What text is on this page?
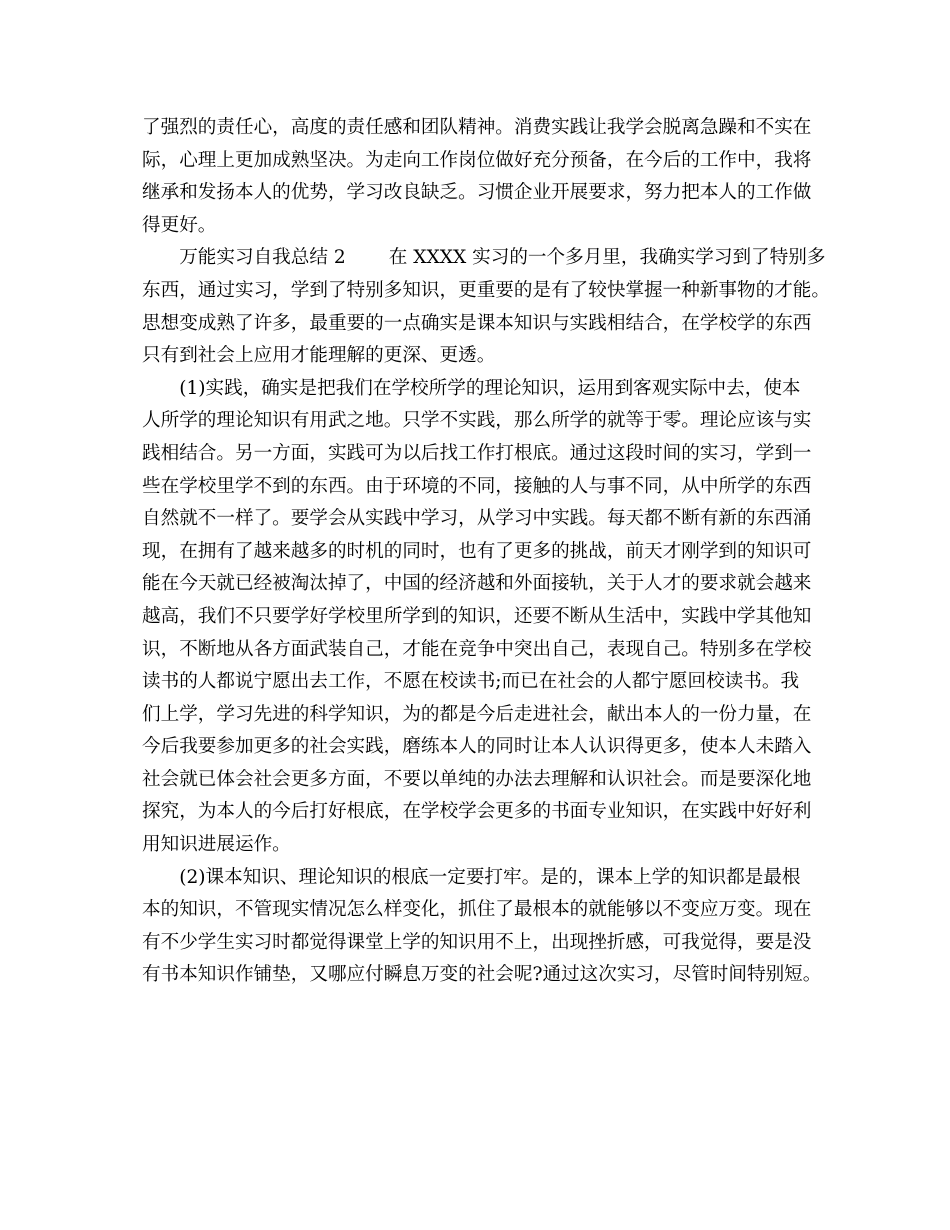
了强烈的责任心，高度的责任感和团队精神。消费实践让我学会脱离急躁和不实在
际，心理上更加成熟坚决。为走向工作岗位做好充分预备，在今后的工作中，我将
继承和发扬本人的优势，学习改良缺乏。习惯企业开展要求，努力把本人的工作做
得更好。
　　万能实习自我总结 2　　 在 XXXX 实习的一个多月里，我确实学习到了特别多
东西，通过实习，学到了特别多知识，更重要的是有了较快掌握一种新事物的才能。
思想变成熟了许多，最重要的一点确实是课本知识与实践相结合，在学校学的东西
只有到社会上应用才能理解的更深、更透。
　　(1)实践，确实是把我们在学校所学的理论知识，运用到客观实际中去，使本
人所学的理论知识有用武之地。只学不实践，那么所学的就等于零。理论应该与实
践相结合。另一方面，实践可为以后找工作打根底。通过这段时间的实习，学到一
些在学校里学不到的东西。由于环境的不同，接触的人与事不同，从中所学的东西
自然就不一样了。要学会从实践中学习，从学习中实践。每天都不断有新的东西涌
现，在拥有了越来越多的时机的同时，也有了更多的挑战，前天才刚学到的知识可
能在今天就已经被淘汰掉了，中国的经济越和外面接轨，关于人才的要求就会越来
越高，我们不只要学好学校里所学到的知识，还要不断从生活中，实践中学其他知
识，不断地从各方面武装自己，才能在竞争中突出自己，表现自己。特别多在学校
读书的人都说宁愿出去工作，不愿在校读书;而已在社会的人都宁愿回校读书。我
们上学，学习先进的科学知识，为的都是今后走进社会，献出本人的一份力量，在
今后我要参加更多的社会实践，磨练本人的同时让本人认识得更多，使本人未踏入
社会就已体会社会更多方面，不要以单纯的办法去理解和认识社会。而是要深化地
探究，为本人的今后打好根底，在学校学会更多的书面专业知识，在实践中好好利
用知识进展运作。
　　(2)课本知识、理论知识的根底一定要打牢。是的，课本上学的知识都是最根
本的知识，不管现实情况怎么样变化，抓住了最根本的就能够以不变应万变。现在
有不少学生实习时都觉得课堂上学的知识用不上，出现挫折感，可我觉得，要是没
有书本知识作铺垫，又哪应付瞬息万变的社会呢?通过这次实习，尽管时间特别短。
